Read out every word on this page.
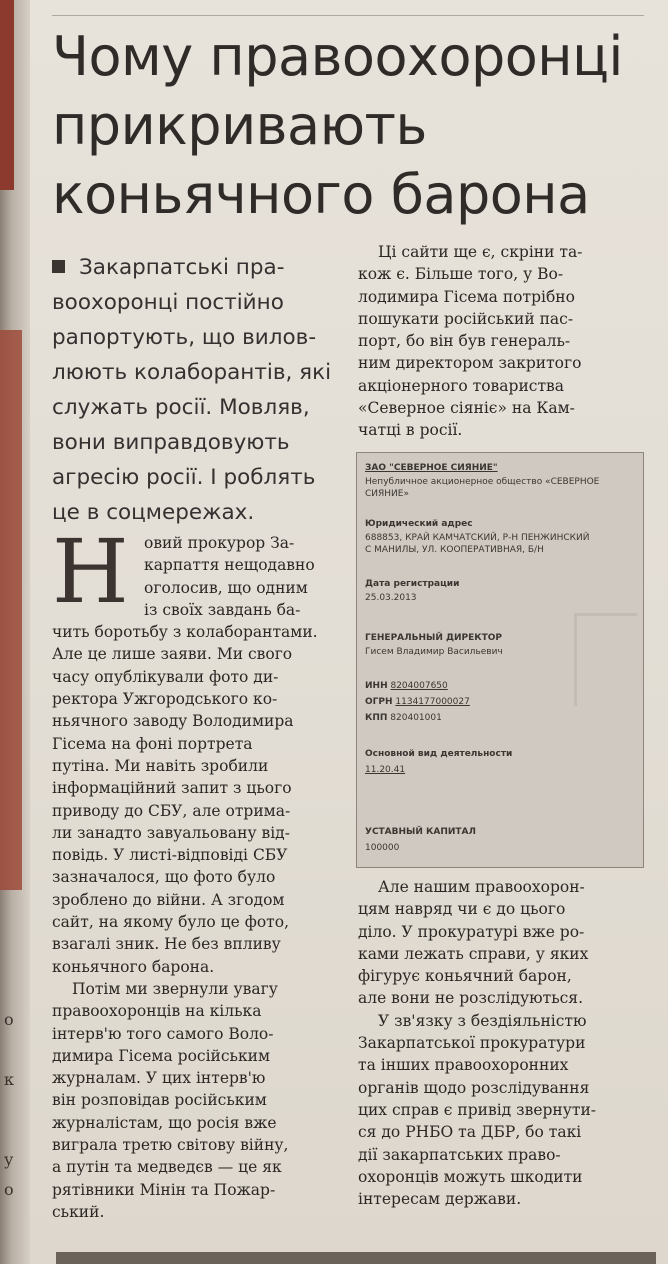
о
к
у
о
Чому правоохоронці
прикривають
коньячного барона
Закарпатські пра-
воохоронці постійно
рапортують, що вилов-
люють колаборантів, які
служать росії. Мовляв,
вони виправдовують
агресію росії. І роблять
це в соцмережах.
Н овий прокурор За-
карпаття нещодавно
оголосив, що одним
із своїх завдань ба-
чить боротьбу з колаборантами.
Але це лише заяви. Ми свого
часу опублікували фото ди-
ректора Ужгородського ко-
ньячного заводу Володимира
Гісема на фоні портрета
путіна. Ми навіть зробили
інформаційний запит з цього
приводу до СБУ, але отрима-
ли занадто завуальовану від-
повідь. У листі-відповіді СБУ
зазначалося, що фото було
зроблено до війни. А згодом
сайт, на якому було це фото,
взагалі зник. Не без впливу
коньячного барона.
Потім ми звернули увагу
правоохоронців на кілька
інтерв'ю того самого Воло-
димира Гісема російським
журналам. У цих інтерв'ю
він розповідав російським
журналістам, що росія вже
виграла третю світову війну,
а путін та медведєв — це як
рятівники Мінін та Пожар-
ський.
Ці сайти ще є, скріни та-
кож є. Більше того, у Во-
лодимира Гісема потрібно
пошукати російський пас-
порт, бо він був генераль-
ним директором закритого
акціонерного товариства
«Северное сіяніє» на Кам-
чатці в росії.
Але нашим правоохорон-
цям навряд чи є до цього
діло. У прокуратурі вже ро-
ками лежать справи, у яких
фігурує коньячний барон,
але вони не розслідуються.
У зв'язку з бездіяльністю
Закарпатської прокуратури
та інших правоохоронних
органів щодо розслідування
цих справ є привід звернути-
ся до РНБО та ДБР, бо такі
дії закарпатських право-
охоронців можуть шкодити
інтересам держави.
ЗАО "СЕВЕРНОЕ СИЯНИЕ"
Непубличное акционерное общество «СЕВЕРНОЕ
СИЯНИЕ»
Юридический адрес
688853, КРАЙ КАМЧАТСКИЙ, Р-Н ПЕНЖИНСКИЙ
С МАНИЛЫ, УЛ. КООПЕРАТИВНАЯ, Б/Н
Дата регистрации
25.03.2013
ГЕНЕРАЛЬНЫЙ ДИРЕКТОР
Гисем Владимир Васильевич
ИНН 8204007650
ОГРН 1134177000027
КПП 820401001
Основной вид деятельности
11.20.41
УСТАВНЫЙ КАПИТАЛ
100000
